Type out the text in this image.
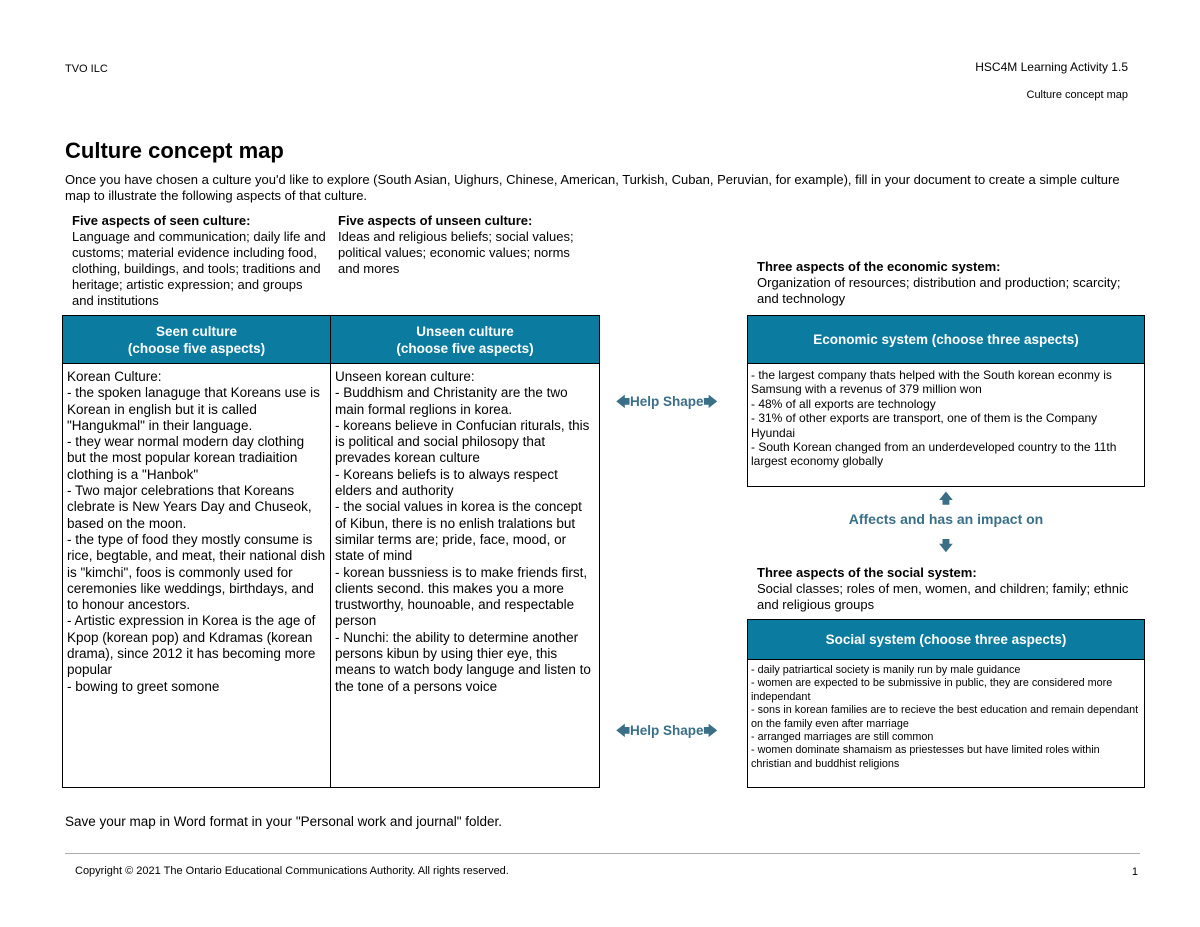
TVO ILC	HSC4M Learning Activity 1.5
Culture concept map
Culture concept map
Once you have chosen a culture you'd like to explore (South Asian, Uighurs, Chinese, American, Turkish, Cuban, Peruvian, for example), fill in your document to create a simple culture map to illustrate the following aspects of that culture.
Five aspects of seen culture:
Language and communication; daily life and customs; material evidence including food, clothing, buildings, and tools; traditions and heritage; artistic expression; and groups and institutions
Five aspects of unseen culture:
Ideas and religious beliefs; social values; political values; economic values; norms and mores	Three aspects of the economic system:
Organization of resources; distribution and production; scarcity; and technology
Seen culture
(choose five aspects)
Korean Culture:
- the spoken lanaguge that Koreans use is Korean in english but it is called "Hangukmal" in their language.
- they wear normal modern day clothing but the most popular korean tradiaition clothing is a "Hanbok"
- Two major celebrations that Koreans clebrate is New Years Day and Chuseok, based on the moon.
- the type of food they mostly consume is rice, begtable, and meat, their national dish is "kimchi", foos is commonly used for ceremonies like weddings, birthdays, and to honour ancestors.
- Artistic expression in Korea is the age of Kpop (korean pop) and Kdramas (korean drama), since 2012 it has becoming more popular
- bowing to greet somone
Unseen culture
(choose five aspects)
Unseen korean culture:
- Buddhism and Christanity are the two main formal reglions in korea.
- koreans believe in Confucian riturals, this is political and social philosopy that prevades korean culture
- Koreans beliefs is to always respect elders and authority
- the social values in korea is the concept of Kibun, there is no enlish tralations but similar terms are; pride, face, mood, or state of mind
- korean bussniess is to make friends first, clients second. this makes you a more trustworthy, hounoable, and respectable person
- Nunchi: the ability to determine another persons kibun by using thier eye, this means to watch body languge and listen to the tone of a persons voice
Economic system (choose three aspects)
- the largest company thats helped with the South korean econmy is Samsung with a revenus of 379 million won
- 48% of all exports are technology
- 31% of other exports are transport, one of them is the Company Hyundai
- South Korean changed from an underdeveloped country to the 11th largest economy globally
🡄Help Shape🡆
🡄Help Shape🡆
🡅
Affects and has an impact on
🡇
Three aspects of the social system:
Social classes; roles of men, women, and children; family; ethnic and religious groups
Social system (choose three aspects)
- daily patriartical society is manily run by male guidance
- women are expected to be submissive in public, they are considered more independant
- sons in korean families are to recieve the best education and remain dependant on the family even after marriage
- arranged marriages are still common
- women dominate shamaism as priestesses but have limited roles within christian and buddhist religions
Save your map in Word format in your "Personal work and journal" folder.
Copyright © 2021 The Ontario Educational Communications Authority. All rights reserved.	1
